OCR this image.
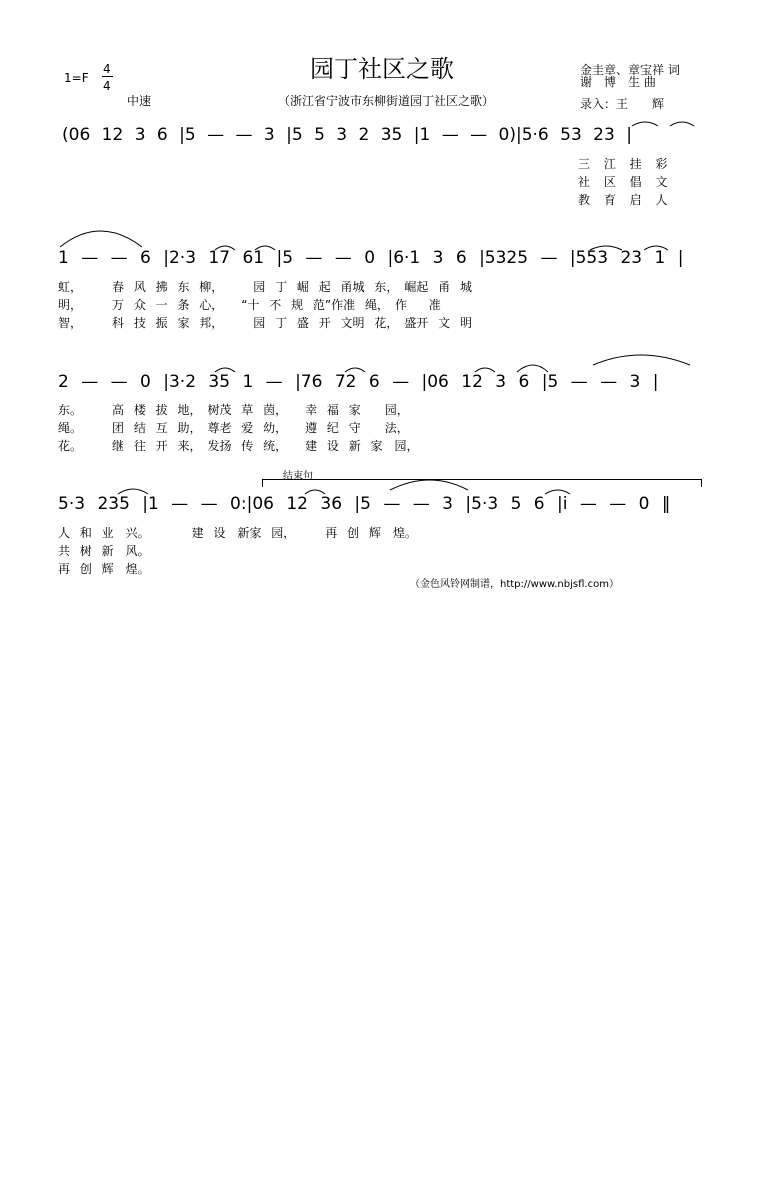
1=F
4
4
中速
园丁社区之歌
（浙江省宁波市东柳街道园丁社区之歌）
金圭章、章宝祥 词
谢　博　生 曲
录入：王　　辉
(06 12 3 6 |5 — — 3 |5 5 3 2 35 |1 — — 0)|5·6 53 23 |
三 江 挂 彩
社 区 倡 文
教 育 启 人
1 — — 6 |2·3 17 61 |5 — — 0 |6·1 3 6 |5325 — |553 23 1 |
虹，　　　春 风 拂 东 柳，　　　园 丁 崛 起 甬城 东，　崛起 甬 城
明，　　　万 众 一 条 心，　　“十 不 规 范”作准 绳，　作　 准
智，　　　科 技 振 家 邦，　　　园 丁 盛 开 文明 花，　盛开 文 明
2 — — 0 |3·2 35 1 — |76 72 6 — |06 12 3 6 |5 — — 3 |
东。　　　高 楼 拔 地，　树茂 草 茵，　　幸 福 家　　园，
绳。　　　团 结 互 助，　尊老 爱 幼，　　遵 纪 守　　法，
花。　　　继 往 开 来，　发扬 传 统，　　建 设 新 家　园，
结束句
5·3 235 |1 — — 0:|06 12 36 |5 — — 3 |5·3 5 6 |i — — 0 ‖
人 和 业　兴。　　　　建 设　新家 园，　　　再 创 辉　煌。
共 树 新　风。
再 创 辉　煌。
（金色风铃网制谱，http://www.nbjsfl.com）
